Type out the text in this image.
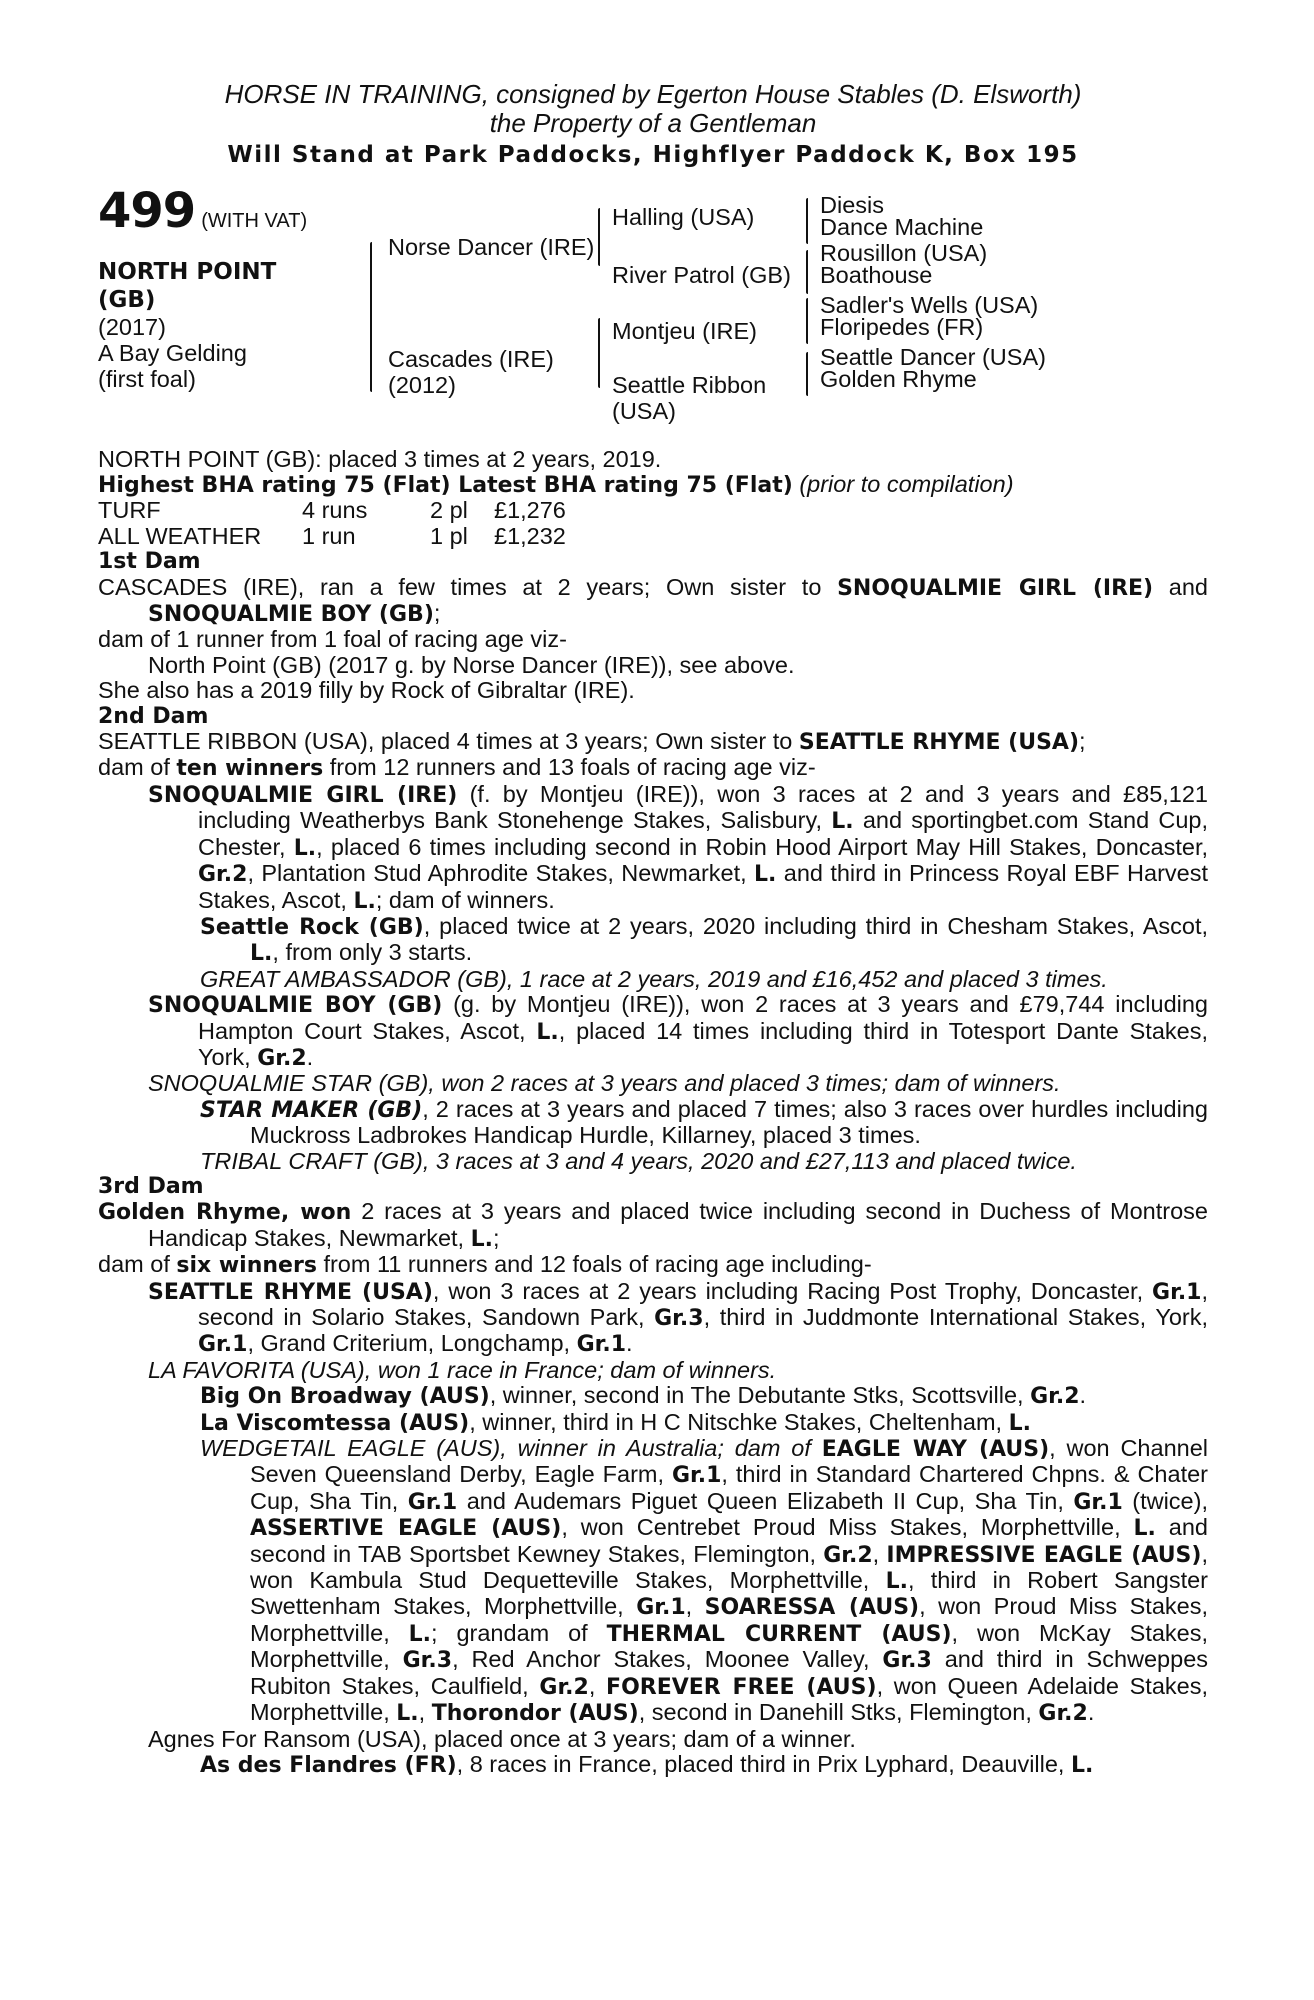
HORSE IN TRAINING, consigned by Egerton House Stables (D. Elsworth)
the Property of a Gentleman
Will Stand at Park Paddocks, Highflyer Paddock K, Box 195
499 (WITH VAT)
NORTH POINT
(GB)
(2017)
A Bay Gelding
(first foal)
Norse Dancer (IRE)
Cascades (IRE)
(2012)
Halling (USA)
River Patrol (GB)
Montjeu (IRE)
Seattle Ribbon
(USA)
Diesis
Dance Machine
Rousillon (USA)
Boathouse
Sadler's Wells (USA)
Floripedes (FR)
Seattle Dancer (USA)
Golden Rhyme
NORTH POINT (GB): placed 3 times at 2 years, 2019.

Highest BHA rating 75 (Flat) Latest BHA rating 75 (Flat) (prior to compilation)

TURF	4 runs	2 pl	£1,276
ALL WEATHER	1 run	1 pl	£1,232

1st Dam

CASCADES (IRE), ran a few times at 2 years; Own sister to SNOQUALMIE GIRL (IRE) and SNOQUALMIE BOY (GB);

dam of 1 runner from 1 foal of racing age viz-

North Point (GB) (2017 g. by Norse Dancer (IRE)), see above.

She also has a 2019 filly by Rock of Gibraltar (IRE).

2nd Dam

SEATTLE RIBBON (USA), placed 4 times at 3 years; Own sister to SEATTLE RHYME (USA);

dam of ten winners from 12 runners and 13 foals of racing age viz-

SNOQUALMIE GIRL (IRE) (f. by Montjeu (IRE)), won 3 races at 2 and 3 years and £85,121 including Weatherbys Bank Stonehenge Stakes, Salisbury, L. and sportingbet.com Stand Cup, Chester, L., placed 6 times including second in Robin Hood Airport May Hill Stakes, Doncaster, Gr.2, Plantation Stud Aphrodite Stakes, Newmarket, L. and third in Princess Royal EBF Harvest Stakes, Ascot, L.; dam of winners.

Seattle Rock (GB), placed twice at 2 years, 2020 including third in Chesham Stakes, Ascot, L., from only 3 starts.

GREAT AMBASSADOR (GB), 1 race at 2 years, 2019 and £16,452 and placed 3 times.

SNOQUALMIE BOY (GB) (g. by Montjeu (IRE)), won 2 races at 3 years and £79,744 including Hampton Court Stakes, Ascot, L., placed 14 times including third in Totesport Dante Stakes, York, Gr.2.

SNOQUALMIE STAR (GB), won 2 races at 3 years and placed 3 times; dam of winners.

STAR MAKER (GB), 2 races at 3 years and placed 7 times; also 3 races over hurdles including Muckross Ladbrokes Handicap Hurdle, Killarney, placed 3 times.

TRIBAL CRAFT (GB), 3 races at 3 and 4 years, 2020 and £27,113 and placed twice.

3rd Dam

Golden Rhyme, won 2 races at 3 years and placed twice including second in Duchess of Montrose Handicap Stakes, Newmarket, L.;

dam of six winners from 11 runners and 12 foals of racing age including-

SEATTLE RHYME (USA), won 3 races at 2 years including Racing Post Trophy, Doncaster, Gr.1, second in Solario Stakes, Sandown Park, Gr.3, third in Juddmonte International Stakes, York, Gr.1, Grand Criterium, Longchamp, Gr.1.

LA FAVORITA (USA), won 1 race in France; dam of winners.

Big On Broadway (AUS), winner, second in The Debutante Stks, Scottsville, Gr.2.

La Viscomtessa (AUS), winner, third in H C Nitschke Stakes, Cheltenham, L.

WEDGETAIL EAGLE (AUS), winner in Australia; dam of EAGLE WAY (AUS), won Channel Seven Queensland Derby, Eagle Farm, Gr.1, third in Standard Chartered Chpns. & Chater Cup, Sha Tin, Gr.1 and Audemars Piguet Queen Elizabeth II Cup, Sha Tin, Gr.1 (twice), ASSERTIVE EAGLE (AUS), won Centrebet Proud Miss Stakes, Morphettville, L. and second in TAB Sportsbet Kewney Stakes, Flemington, Gr.2, IMPRESSIVE EAGLE (AUS), won Kambula Stud Dequetteville Stakes, Morphettville, L., third in Robert Sangster Swettenham Stakes, Morphettville, Gr.1, SOARESSA (AUS), won Proud Miss Stakes, Morphettville, L.; grandam of THERMAL CURRENT (AUS), won McKay Stakes, Morphettville, Gr.3, Red Anchor Stakes, Moonee Valley, Gr.3 and third in Schweppes Rubiton Stakes, Caulfield, Gr.2, FOREVER FREE (AUS), won Queen Adelaide Stakes, Morphettville, L., Thorondor (AUS), second in Danehill Stks, Flemington, Gr.2.

Agnes For Ransom (USA), placed once at 3 years; dam of a winner.

As des Flandres (FR), 8 races in France, placed third in Prix Lyphard, Deauville, L.
